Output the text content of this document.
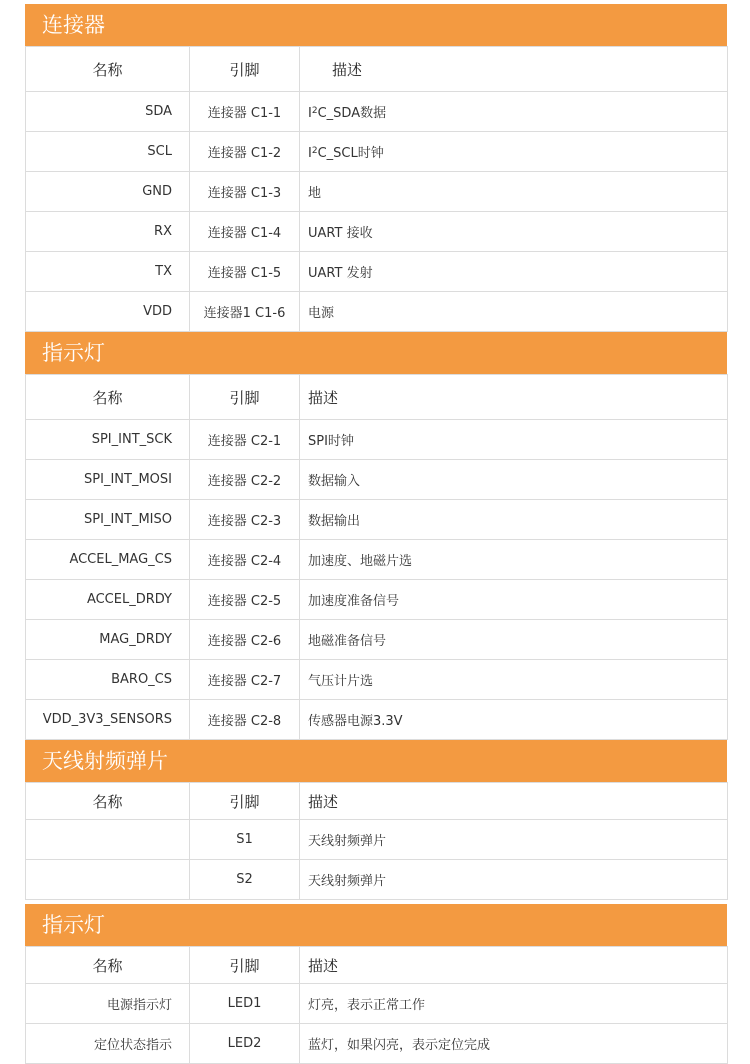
连接器
名称	引脚	描述
SDA	连接器 C1-1	$I^2C\_SDA$数据
SCL	连接器 C1-2	$I^2C\_SCL$时钟
GND	连接器 C1-3	地
RX	连接器 C1-4	UART 接收
TX	连接器 C1-5	UART 发射
VDD	连接器1 C1-6	电源
指示灯
名称	引脚	描述
SPI_INT_SCK	连接器 C2-1	SPI时钟
SPI_INT_MOSI	连接器 C2-2	数据输入
SPI_INT_MISO	连接器 C2-3	数据输出
ACCEL_MAG_CS	连接器 C2-4	加速度、地磁片选
ACCEL_DRDY	连接器 C2-5	加速度准备信号
MAG_DRDY	连接器 C2-6	地磁准备信号
BARO_CS	连接器 C2-7	气压计片选
VDD_3V3_SENSORS	连接器 C2-8	传感器电源3.3V
天线射频弹片
名称	引脚	描述
	S1	天线射频弹片
	S2	天线射频弹片
指示灯
名称	引脚	描述
电源指示灯	LED1	灯亮，表示正常工作
定位状态指示	LED2	蓝灯，如果闪亮，表示定位完成
